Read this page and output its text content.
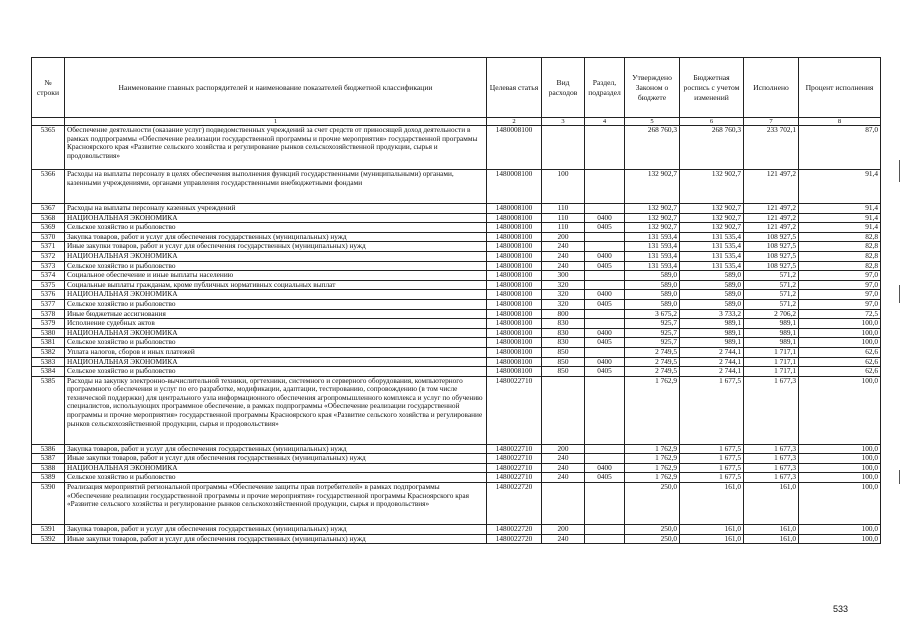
№ строки	Наименование главных распорядителей и наименование показателей бюджетной классификации	Целевая статья	Вид расходов	Раздел, подраздел	Утверждено Законом о бюджете	Бюджетная роспись с учетом изменений	Исполнено	Процент исполнения
	1	2	3	4	5	6	7	8
5365	Обеспечение деятельности (оказание услуг) подведомственных учреждений за счет средств от приносящей доход деятельности в рамках подпрограммы «Обеспечение реализации государственной программы и прочие мероприятия» государственной программы Красноярского края «Развитие сельского хозяйства и регулирование рынков сельскохозяйственной продукции, сырья и продовольствия»	1480008100			268 760,3	268 760,3	233 702,1	87,0
5366	Расходы на выплаты персоналу в целях обеспечения выполнения функций государственными (муниципальными) органами, казенными учреждениями, органами управления государственными внебюджетными фондами	1480008100	100		132 902,7	132 902,7	121 497,2	91,4
5367	Расходы на выплаты персоналу казенных учреждений	1480008100	110		132 902,7	132 902,7	121 497,2	91,4
5368	НАЦИОНАЛЬНАЯ ЭКОНОМИКА	1480008100	110	0400	132 902,7	132 902,7	121 497,2	91,4
5369	Сельское хозяйство и рыболовство	1480008100	110	0405	132 902,7	132 902,7	121 497,2	91,4
5370	Закупка товаров, работ и услуг для обеспечения государственных (муниципальных) нужд	1480008100	200		131 593,4	131 535,4	108 927,5	82,8
5371	Иные закупки товаров, работ и услуг для обеспечения государственных (муниципальных) нужд	1480008100	240		131 593,4	131 535,4	108 927,5	82,8
5372	НАЦИОНАЛЬНАЯ ЭКОНОМИКА	1480008100	240	0400	131 593,4	131 535,4	108 927,5	82,8
5373	Сельское хозяйство и рыболовство	1480008100	240	0405	131 593,4	131 535,4	108 927,5	82,8
5374	Социальное обеспечение и иные выплаты населению	1480008100	300		589,0	589,0	571,2	97,0
5375	Социальные выплаты гражданам, кроме публичных нормативных социальных выплат	1480008100	320		589,0	589,0	571,2	97,0
5376	НАЦИОНАЛЬНАЯ ЭКОНОМИКА	1480008100	320	0400	589,0	589,0	571,2	97,0
5377	Сельское хозяйство и рыболовство	1480008100	320	0405	589,0	589,0	571,2	97,0
5378	Иные бюджетные ассигнования	1480008100	800		3 675,2	3 733,2	2 706,2	72,5
5379	Исполнение судебных актов	1480008100	830		925,7	989,1	989,1	100,0
5380	НАЦИОНАЛЬНАЯ ЭКОНОМИКА	1480008100	830	0400	925,7	989,1	989,1	100,0
5381	Сельское хозяйство и рыболовство	1480008100	830	0405	925,7	989,1	989,1	100,0
5382	Уплата налогов, сборов и иных платежей	1480008100	850		2 749,5	2 744,1	1 717,1	62,6
5383	НАЦИОНАЛЬНАЯ ЭКОНОМИКА	1480008100	850	0400	2 749,5	2 744,1	1 717,1	62,6
5384	Сельское хозяйство и рыболовство	1480008100	850	0405	2 749,5	2 744,1	1 717,1	62,6
5385	Расходы на закупку электронно-вычислительной техники, оргтехники, системного и серверного оборудования, компьютерного программного обеспечения и услуг по его разработке, модификации, адаптации, тестированию, сопровождению (в том числе технической поддержки) для центрального узла информационного обеспечения агропромышленного комплекса и услуг по обучению специалистов, использующих программное обеспечение, в рамках подпрограммы «Обеспечение реализации государственной программы и прочие мероприятия» государственной программы Красноярского края «Развитие сельского хозяйства и регулирование рынков сельскохозяйственной продукции, сырья и продовольствия»	1480022710			1 762,9	1 677,5	1 677,3	100,0
5386	Закупка товаров, работ и услуг для обеспечения государственных (муниципальных) нужд	1480022710	200		1 762,9	1 677,5	1 677,3	100,0
5387	Иные закупки товаров, работ и услуг для обеспечения государственных (муниципальных) нужд	1480022710	240		1 762,9	1 677,5	1 677,3	100,0
5388	НАЦИОНАЛЬНАЯ ЭКОНОМИКА	1480022710	240	0400	1 762,9	1 677,5	1 677,3	100,0
5389	Сельское хозяйство и рыболовство	1480022710	240	0405	1 762,9	1 677,5	1 677,3	100,0
5390	Реализация мероприятий региональной программы «Обеспечение защиты прав потребителей» в рамках подпрограммы «Обеспечение реализации государственной программы и прочие мероприятия» государственной программы Красноярского края «Развитие сельского хозяйства и регулирование рынков сельскохозяйственной продукции, сырья и продовольствия»	1480022720			250,0	161,0	161,0	100,0
5391	Закупка товаров, работ и услуг для обеспечения государственных (муниципальных) нужд	1480022720	200		250,0	161,0	161,0	100,0
5392	Иные закупки товаров, работ и услуг для обеспечения государственных (муниципальных) нужд	1480022720	240		250,0	161,0	161,0	100,0
533
